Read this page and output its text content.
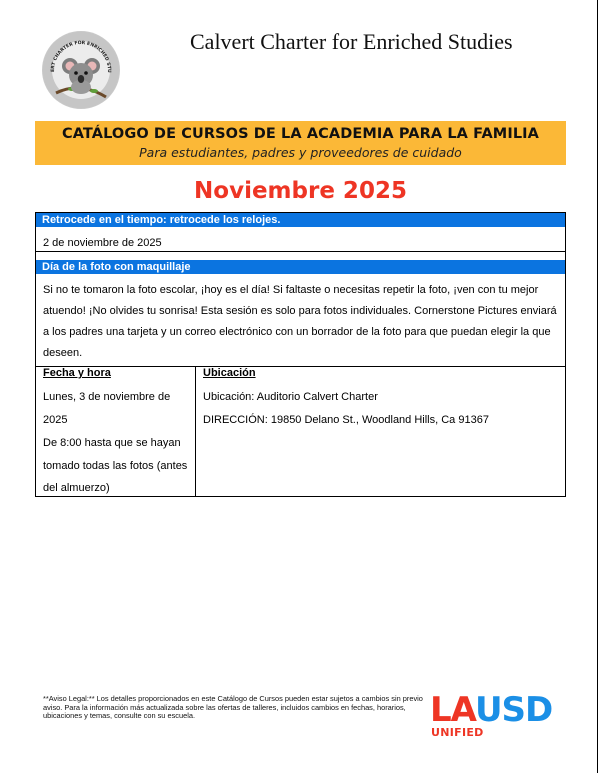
ERT CHARTER FOR ENRICHED STU
Calvert Charter for Enriched Studies
CATÁLOGO DE CURSOS DE LA ACADEMIA PARA LA FAMILIA
Para estudiantes, padres y proveedores de cuidado
Noviembre 2025
Retrocede en el tiempo: retrocede los relojes.
2 de noviembre de 2025
Día de la foto con maquillaje
Si no te tomaron la foto escolar, ¡hoy es el día! Si faltaste o necesitas repetir la foto, ¡ven con tu mejor atuendo! ¡No olvides tu sonrisa! Esta sesión es solo para fotos individuales. Cornerstone Pictures enviará a los padres una tarjeta y un correo electrónico con un borrador de la foto para que puedan elegir la que deseen.
Fecha y hora	Ubicación
Lunes, 3 de noviembre de
2025
De 8:00 hasta que se hayan
tomado todas las fotos (antes
del almuerzo)
Ubicación: Auditorio Calvert Charter
DIRECCIÓN: 19850 Delano St., Woodland Hills, Ca 91367
**Aviso Legal:** Los detalles proporcionados en este Catálogo de Cursos pueden estar sujetos a cambios sin previo aviso. Para la información más actualizada sobre las ofertas de talleres, incluidos cambios en fechas, horarios, ubicaciones y temas, consulte con su escuela.	LAUSD
UNIFIED
